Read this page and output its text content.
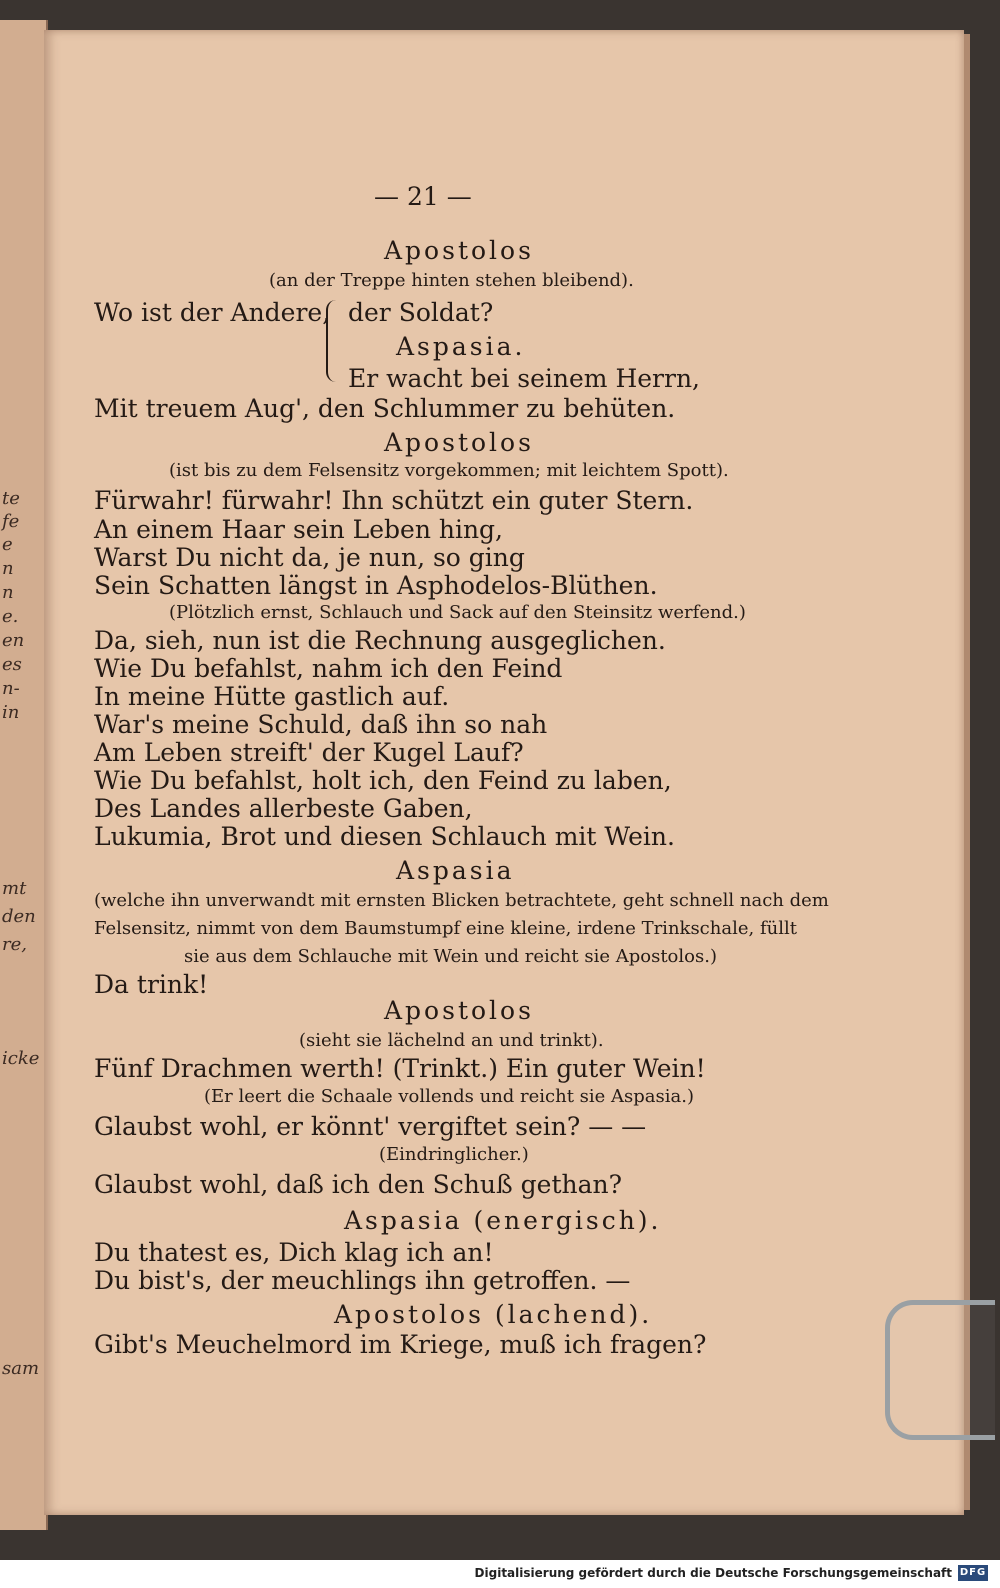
te
fe
e
n
n
e.
en
es
n-
in
mt
den
re,
icke
sam
— 21 —
Apostolos
(an der Treppe hinten stehen bleibend).
Wo ist der Andere, der Soldat?
Aspasia.
Er wacht bei seinem Herrn,
Mit treuem Aug', den Schlummer zu behüten.
Apostolos
(ist bis zu dem Felsensitz vorgekommen; mit leichtem Spott).
Fürwahr! fürwahr! Ihn schützt ein guter Stern.
An einem Haar sein Leben hing,
Warst Du nicht da, je nun, so ging
Sein Schatten längst in Asphodelos-Blüthen.
(Plötzlich ernst, Schlauch und Sack auf den Steinsitz werfend.)
Da, sieh, nun ist die Rechnung ausgeglichen.
Wie Du befahlst, nahm ich den Feind
In meine Hütte gastlich auf.
War's meine Schuld, daß ihn so nah
Am Leben streift' der Kugel Lauf?
Wie Du befahlst, holt ich, den Feind zu laben,
Des Landes allerbeste Gaben,
Lukumia, Brot und diesen Schlauch mit Wein.
Aspasia
(welche ihn unverwandt mit ernsten Blicken betrachtete, geht schnell nach dem
Felsensitz, nimmt von dem Baumstumpf eine kleine, irdene Trinkschale, füllt
sie aus dem Schlauche mit Wein und reicht sie Apostolos.)
Da trink!
Apostolos
(sieht sie lächelnd an und trinkt).
Fünf Drachmen werth! (Trinkt.) Ein guter Wein!
(Er leert die Schaale vollends und reicht sie Aspasia.)
Glaubst wohl, er könnt' vergiftet sein? — —
(Eindringlicher.)
Glaubst wohl, daß ich den Schuß gethan?
Aspasia (energisch).
Du thatest es, Dich klag ich an!
Du bist's, der meuchlings ihn getroffen. —
Apostolos (lachend).
Gibt's Meuchelmord im Kriege, muß ich fragen?
Digitalisierung gefördert durch die Deutsche Forschungsgemeinschaft DFG
